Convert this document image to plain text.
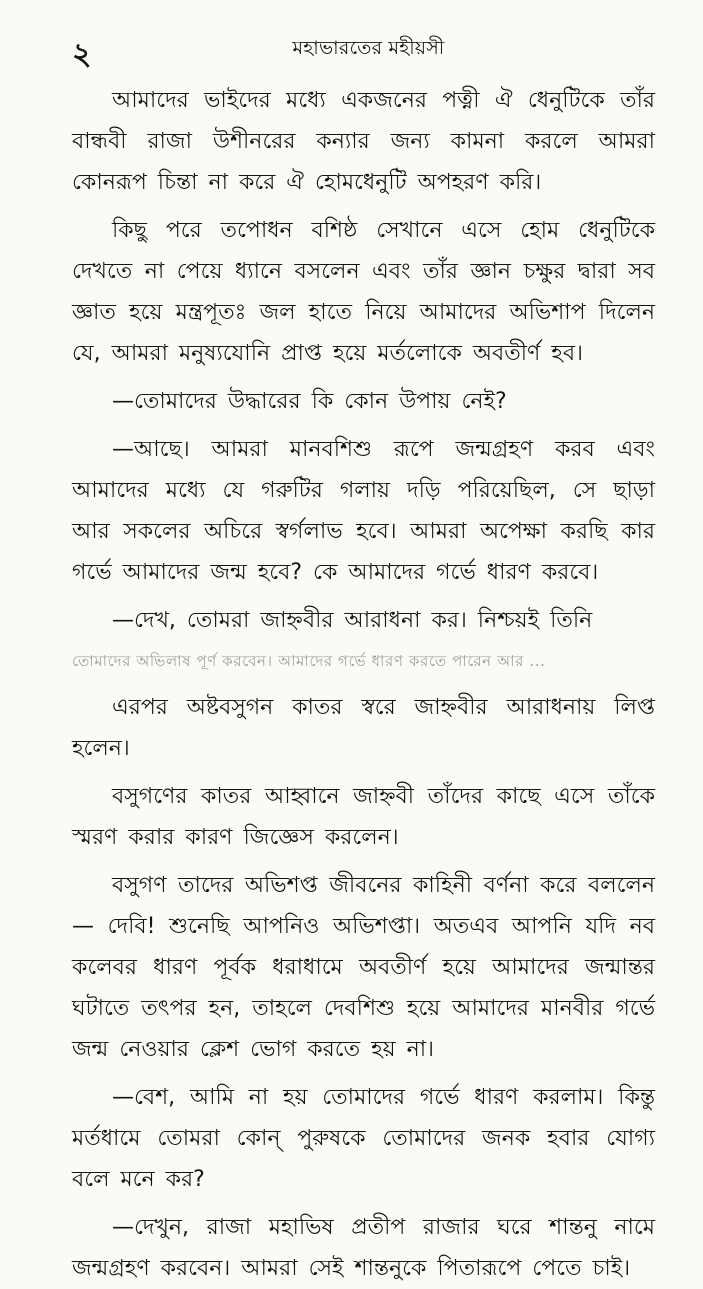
২	মহাভারতের মহীয়সী

আমাদের ভাইদের মধ্যে একজনের পত্নী ঐ ধেনুটিকে তাঁর বান্ধবী রাজা উশীনরের কন্যার জন্য কামনা করলে আমরা কোনরূপ চিন্তা না করে ঐ হোমধেনুটি অপহরণ করি।

কিছু পরে তপোধন বশিষ্ঠ সেখানে এসে হোম ধেনুটিকে দেখতে না পেয়ে ধ্যানে বসলেন এবং তাঁর জ্ঞান চক্ষুর দ্বারা সব জ্ঞাত হয়ে মন্ত্রপূতঃ জল হাতে নিয়ে আমাদের অভিশাপ দিলেন যে, আমরা মনুষ্যযোনি প্রাপ্ত হয়ে মর্তলোকে অবতীর্ণ হব।

—তোমাদের উদ্ধারের কি কোন উপায় নেই?

—আছে। আমরা মানবশিশু রূপে জন্মগ্রহণ করব এবং আমাদের মধ্যে যে গরুটির গলায় দড়ি পরিয়েছিল, সে ছাড়া আর সকলের অচিরে স্বর্গলাভ হবে। আমরা অপেক্ষা করছি কার গর্ভে আমাদের জন্ম হবে? কে আমাদের গর্ভে ধারণ করবে।

—দেখ, তোমরা জাহ্নবীর আরাধনা কর। নিশ্চয়ই তিনি

তোমাদের অভিলাষ পূর্ণ করবেন। আমাদের গর্ভে ধারণ করতে পারেন আর ...

এরপর অষ্টবসুগন কাতর স্বরে জাহ্নবীর আরাধনায় লিপ্ত হলেন।

বসুগণের কাতর আহ্বানে জাহ্নবী তাঁদের কাছে এসে তাঁকে স্মরণ করার কারণ জিজ্ঞেস করলেন।

বসুগণ তাদের অভিশপ্ত জীবনের কাহিনী বর্ণনা করে বললেন— দেবি! শুনেছি আপনিও অভিশপ্তা। অতএব আপনি যদি নব কলেবর ধারণ পূর্বক ধরাধামে অবতীর্ণ হয়ে আমাদের জন্মান্তর ঘটাতে তৎপর হন, তাহলে দেবশিশু হয়ে আমাদের মানবীর গর্ভে জন্ম নেওয়ার ক্লেশ ভোগ করতে হয় না।

—বেশ, আমি না হয় তোমাদের গর্ভে ধারণ করলাম। কিন্তু মর্তধামে তোমরা কোন্ পুরুষকে তোমাদের জনক হবার যোগ্য বলে মনে কর?

—দেখুন, রাজা মহাভিষ প্রতীপ রাজার ঘরে শান্তনু নামে জন্মগ্রহণ করবেন। আমরা সেই শান্তনুকে পিতারূপে পেতে চাই।
